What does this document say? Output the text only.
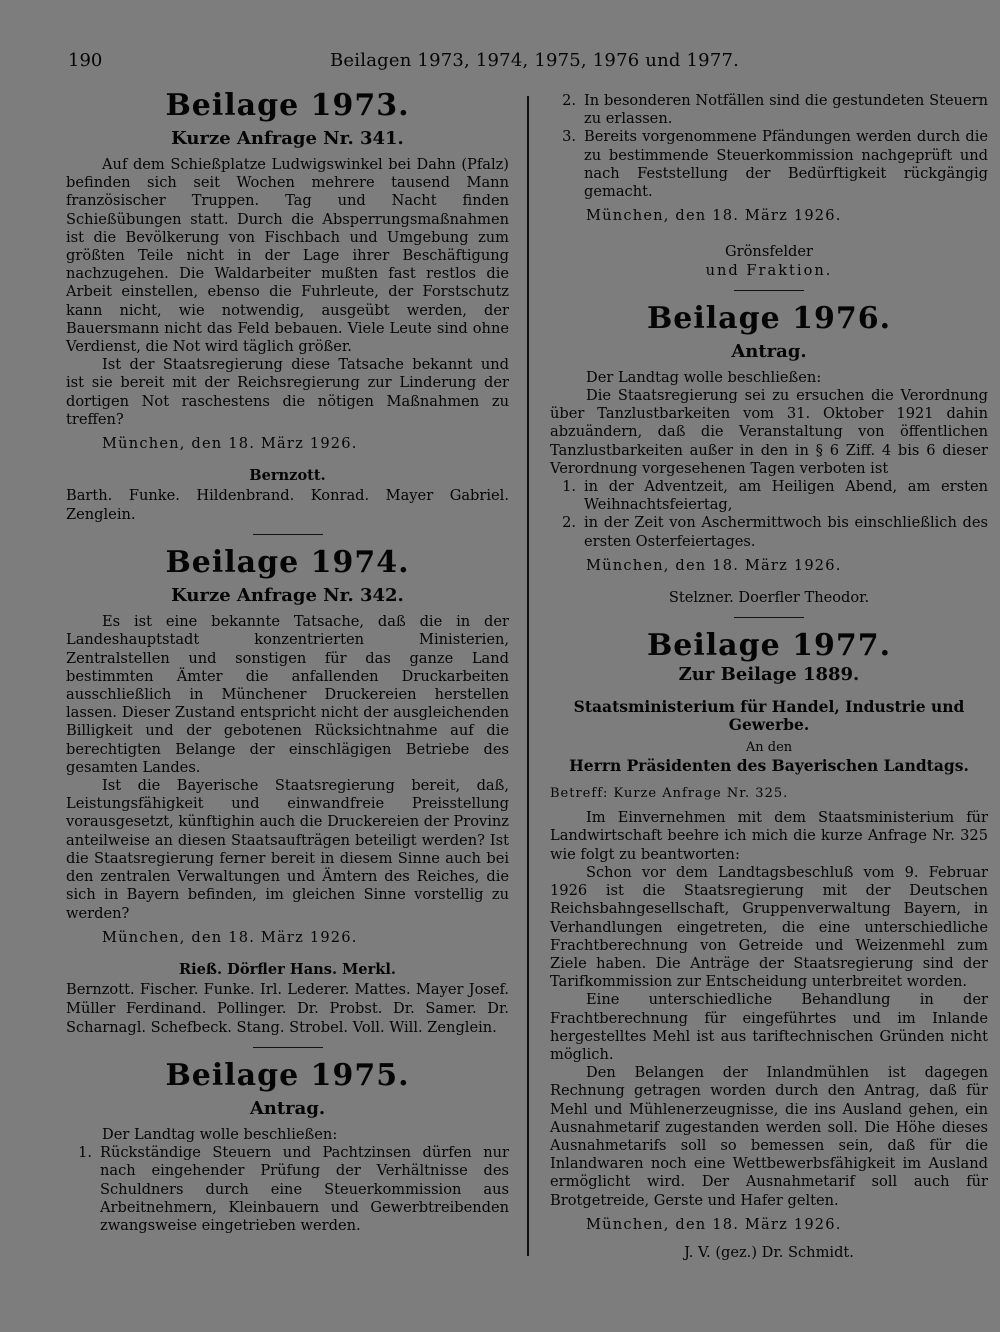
190	Beilagen 1973, 1974, 1975, 1976 und 1977.
Beilage 1973.
Kurze Anfrage Nr. 341.

Auf dem Schießplatze Ludwigswinkel bei Dahn (Pfalz) befinden sich seit Wochen mehrere tausend Mann französischer Truppen. Tag und Nacht finden Schießübungen statt. Durch die Absperrungsmaßnahmen ist die Bevölkerung von Fischbach und Umgebung zum größten Teile nicht in der Lage ihrer Beschäftigung nachzugehen. Die Waldarbeiter mußten fast restlos die Arbeit einstellen, ebenso die Fuhrleute, der Forstschutz kann nicht, wie notwendig, ausgeübt werden, der Bauersmann nicht das Feld bebauen. Viele Leute sind ohne Verdienst, die Not wird täglich größer.

Ist der Staatsregierung diese Tatsache bekannt und ist sie bereit mit der Reichsregierung zur Linderung der dortigen Not raschestens die nötigen Maßnahmen zu treffen?

München, den 18. März 1926.

Bernzott.

Barth. Funke. Hildenbrand. Konrad. Mayer Gabriel. Zenglein.

Beilage 1974.
Kurze Anfrage Nr. 342.

Es ist eine bekannte Tatsache, daß die in der Landeshauptstadt konzentrierten Ministerien, Zentralstellen und sonstigen für das ganze Land bestimmten Ämter die anfallenden Druckarbeiten ausschließlich in Münchener Druckereien herstellen lassen. Dieser Zustand entspricht nicht der ausgleichenden Billigkeit und der gebotenen Rücksichtnahme auf die berechtigten Belange der einschlägigen Betriebe des gesamten Landes.

Ist die Bayerische Staatsregierung bereit, daß, Leistungsfähigkeit und einwandfreie Preisstellung vorausgesetzt, künftighin auch die Druckereien der Provinz anteilweise an diesen Staatsaufträgen beteiligt werden? Ist die Staatsregierung ferner bereit in diesem Sinne auch bei den zentralen Verwaltungen und Ämtern des Reiches, die sich in Bayern befinden, im gleichen Sinne vorstellig zu werden?

München, den 18. März 1926.

Rieß. Dörfler Hans. Merkl.

Bernzott. Fischer. Funke. Irl. Lederer. Mattes. Mayer Josef. Müller Ferdinand. Pollinger. Dr. Probst. Dr. Samer. Dr. Scharnagl. Schefbeck. Stang. Strobel. Voll. Will. Zenglein.

Beilage 1975.
Antrag.

Der Landtag wolle beschließen:

1. Rückständige Steuern und Pachtzinsen dürfen nur nach eingehender Prüfung der Verhältnisse des Schuldners durch eine Steuerkommission aus Arbeitnehmern, Kleinbauern und Gewerbtreibenden zwangsweise eingetrieben werden.
2. In besonderen Notfällen sind die gestundeten Steuern zu erlassen.
3. Bereits vorgenommene Pfändungen werden durch die zu bestimmende Steuerkommission nachgeprüft und nach Feststellung der Bedürftigkeit rückgängig gemacht.

München, den 18. März 1926.

Grönsfelder

und Fraktion.

Beilage 1976.
Antrag.

Der Landtag wolle beschließen:

Die Staatsregierung sei zu ersuchen die Verordnung über Tanzlustbarkeiten vom 31. Oktober 1921 dahin abzuändern, daß die Veranstaltung von öffentlichen Tanzlustbarkeiten außer in den in § 6 Ziff. 4 bis 6 dieser Verordnung vorgesehenen Tagen verboten ist

1. in der Adventzeit, am Heiligen Abend, am ersten Weihnachtsfeiertag,
2. in der Zeit von Aschermittwoch bis einschließlich des ersten Osterfeiertages.

München, den 18. März 1926.

Stelzner. Doerfler Theodor.

Beilage 1977.
Zur Beilage 1889.

Staatsministerium für Handel, Industrie und Gewerbe.

An den

Herrn Präsidenten des Bayerischen Landtags.

Betreff: Kurze Anfrage Nr. 325.

Im Einvernehmen mit dem Staatsministerium für Landwirtschaft beehre ich mich die kurze Anfrage Nr. 325 wie folgt zu beantworten:

Schon vor dem Landtagsbeschluß vom 9. Februar 1926 ist die Staatsregierung mit der Deutschen Reichsbahngesellschaft, Gruppenverwaltung Bayern, in Verhandlungen eingetreten, die eine unterschiedliche Frachtberechnung von Getreide und Weizenmehl zum Ziele haben. Die Anträge der Staatsregierung sind der Tarifkommission zur Entscheidung unterbreitet worden.

Eine unterschiedliche Behandlung in der Frachtberechnung für eingeführtes und im Inlande hergestelltes Mehl ist aus tariftechnischen Gründen nicht möglich.

Den Belangen der Inlandmühlen ist dagegen Rechnung getragen worden durch den Antrag, daß für Mehl und Mühlenerzeugnisse, die ins Ausland gehen, ein Ausnahmetarif zugestanden werden soll. Die Höhe dieses Ausnahmetarifs soll so bemessen sein, daß für die Inlandwaren noch eine Wettbewerbsfähigkeit im Ausland ermöglicht wird. Der Ausnahmetarif soll auch für Brotgetreide, Gerste und Hafer gelten.

München, den 18. März 1926.

J. V. (gez.) Dr. Schmidt.
